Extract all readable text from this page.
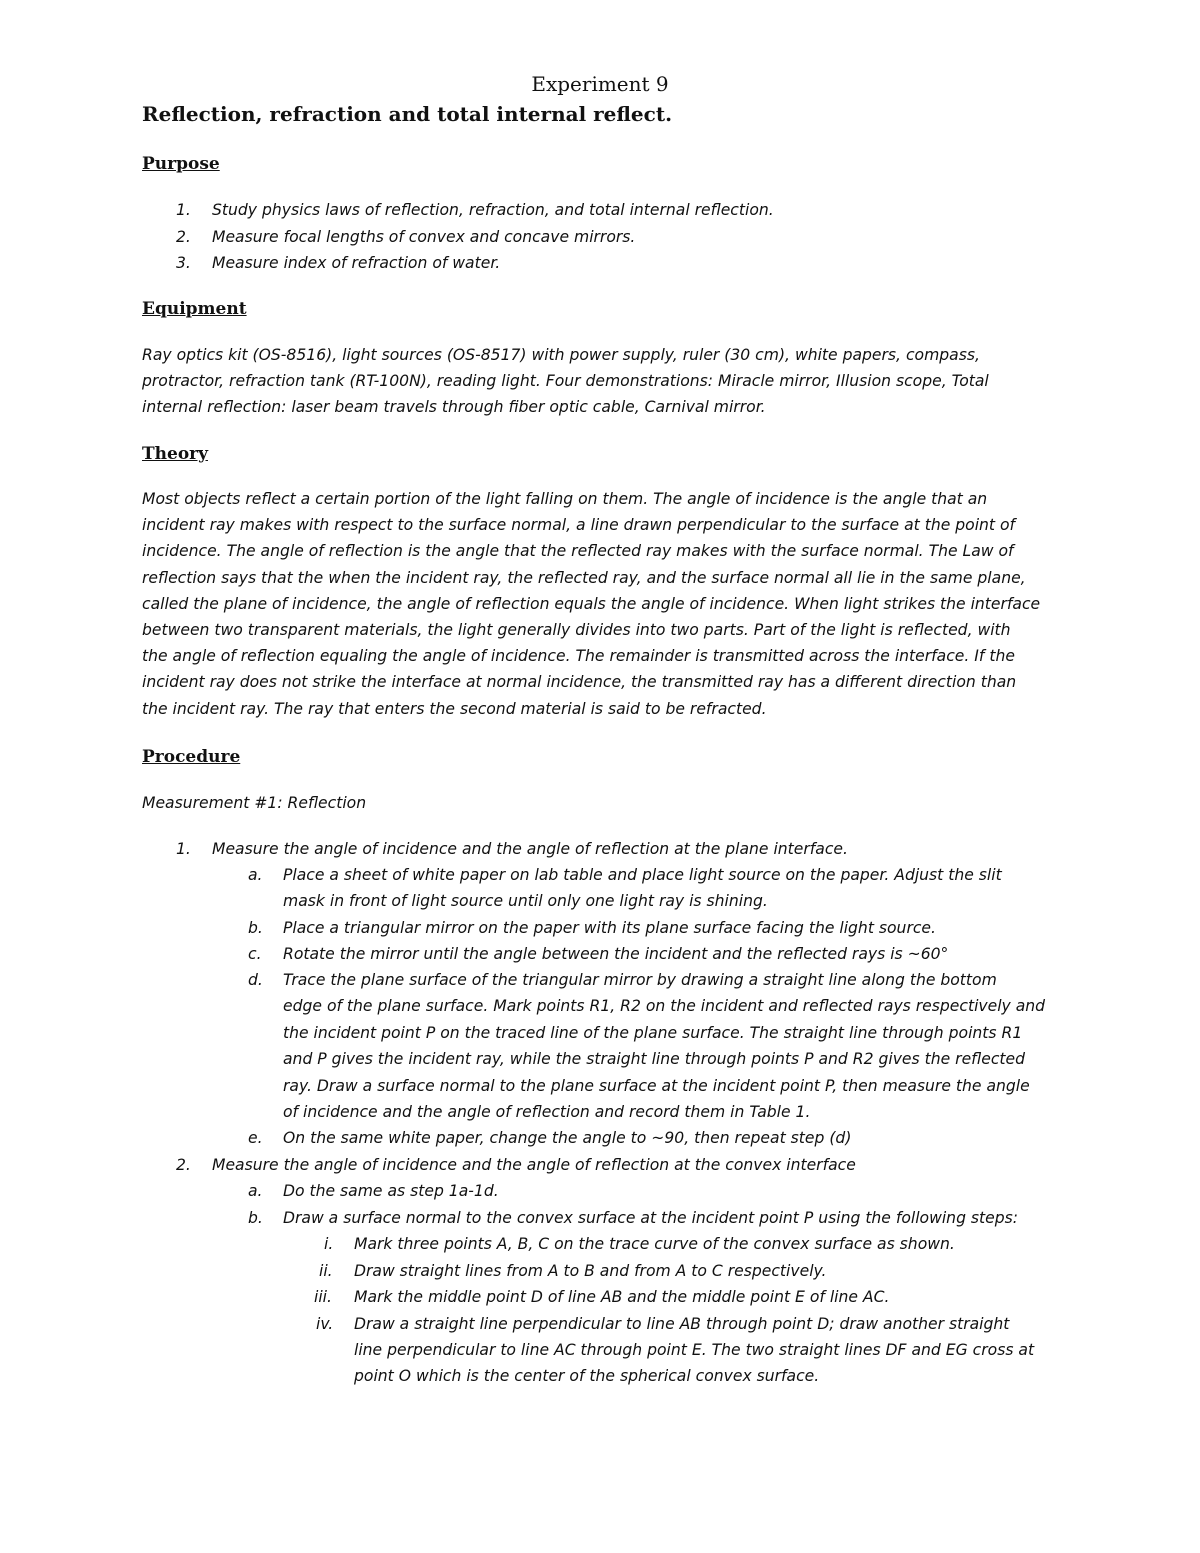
Experiment 9
Reflection, refraction and total internal reflect.
Purpose
1. Study physics laws of reflection, refraction, and total internal reflection.
2. Measure focal lengths of convex and concave mirrors.
3. Measure index of refraction of water.
Equipment
Ray optics kit (OS-8516), light sources (OS-8517) with power supply, ruler (30 cm), white papers, compass,
protractor, refraction tank (RT-100N), reading light. Four demonstrations: Miracle mirror, Illusion scope, Total
internal reflection: laser beam travels through fiber optic cable, Carnival mirror.
Theory
Most objects reflect a certain portion of the light falling on them. The angle of incidence is the angle that an
incident ray makes with respect to the surface normal, a line drawn perpendicular to the surface at the point of
incidence. The angle of reflection is the angle that the reflected ray makes with the surface normal. The Law of
reflection says that the when the incident ray, the reflected ray, and the surface normal all lie in the same plane,
called the plane of incidence, the angle of reflection equals the angle of incidence. When light strikes the interface
between two transparent materials, the light generally divides into two parts. Part of the light is reflected, with
the angle of reflection equaling the angle of incidence. The remainder is transmitted across the interface. If the
incident ray does not strike the interface at normal incidence, the transmitted ray has a different direction than
the incident ray. The ray that enters the second material is said to be refracted.
Procedure
Measurement #1: Reflection
1. Measure the angle of incidence and the angle of reflection at the plane interface.
a. Place a sheet of white paper on lab table and place light source on the paper. Adjust the slit
mask in front of light source until only one light ray is shining.
b. Place a triangular mirror on the paper with its plane surface facing the light source.
c. Rotate the mirror until the angle between the incident and the reflected rays is ~60°
d. Trace the plane surface of the triangular mirror by drawing a straight line along the bottom
edge of the plane surface. Mark points R1, R2 on the incident and reflected rays respectively and
the incident point P on the traced line of the plane surface. The straight line through points R1
and P gives the incident ray, while the straight line through points P and R2 gives the reflected
ray. Draw a surface normal to the plane surface at the incident point P, then measure the angle
of incidence and the angle of reflection and record them in Table 1.
e. On the same white paper, change the angle to ~90, then repeat step (d)
2. Measure the angle of incidence and the angle of reflection at the convex interface
a. Do the same as step 1a-1d.
b. Draw a surface normal to the convex surface at the incident point P using the following steps:
i. Mark three points A, B, C on the trace curve of the convex surface as shown.
ii. Draw straight lines from A to B and from A to C respectively.
iii. Mark the middle point D of line AB and the middle point E of line AC.
iv. Draw a straight line perpendicular to line AB through point D; draw another straight
line perpendicular to line AC through point E. The two straight lines DF and EG cross at
point O which is the center of the spherical convex surface.
